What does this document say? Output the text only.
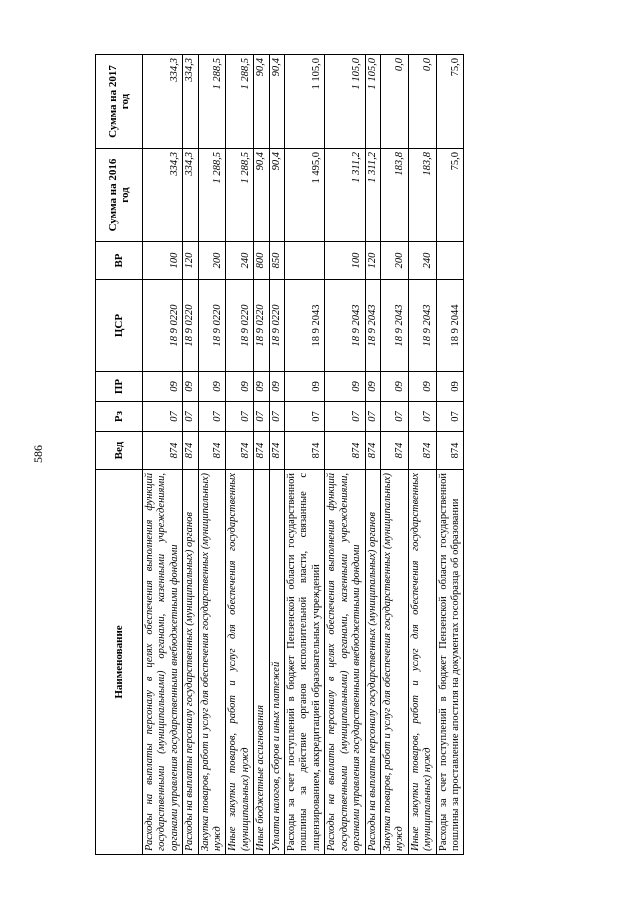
586
Наименование	Вед	Рз	ПР	ЦСР	ВР	Сумма на 2016 год	Сумма на 2017 год
Расходы на выплаты персоналу в целях обеспечения выполнения функций государственными (муниципальными) органами, казенными учреждениями, органами управления государственными внебюджетными фондами	874	07	09	18 9 0220	100	334,3	334,3
Расходы на выплаты персоналу государственных (муниципальных) органов	874	07	09	18 9 0220	120	334,3	334,3
Закупка товаров, работ и услуг для обеспечения государственных (муниципальных) нужд	874	07	09	18 9 0220	200	1 288,5	1 288,5
Иные закупки товаров, работ и услуг для обеспечения государственных (муниципальных) нужд	874	07	09	18 9 0220	240	1 288,5	1 288,5
Иные бюджетные ассигнования	874	07	09	18 9 0220	800	90,4	90,4
Уплата налогов, сборов и иных платежей	874	07	09	18 9 0220	850	90,4	90,4
Расходы за счет поступлений в бюджет Пензенской области государственной пошлины за действие органов исполнительной власти, связанные с лицензированием, аккредитацией образовательных учреждений	874	07	09	18 9 2043		1 495,0	1 105,0
Расходы на выплаты персоналу в целях обеспечения выполнения функций государственными (муниципальными) органами, казенными учреждениями, органами управления государственными внебюджетными фондами	874	07	09	18 9 2043	100	1 311,2	1 105,0
Расходы на выплаты персоналу государственных (муниципальных) органов	874	07	09	18 9 2043	120	1 311,2	1 105,0
Закупка товаров, работ и услуг для обеспечения государственных (муниципальных) нужд	874	07	09	18 9 2043	200	183,8	0,0
Иные закупки товаров, работ и услуг для обеспечения государственных (муниципальных) нужд	874	07	09	18 9 2043	240	183,8	0,0
Расходы за счет поступлений в бюджет Пензенской области государственной пошлины за проставление апостиля на документах гособразца об образовании	874	07	09	18 9 2044		75,0	75,0
